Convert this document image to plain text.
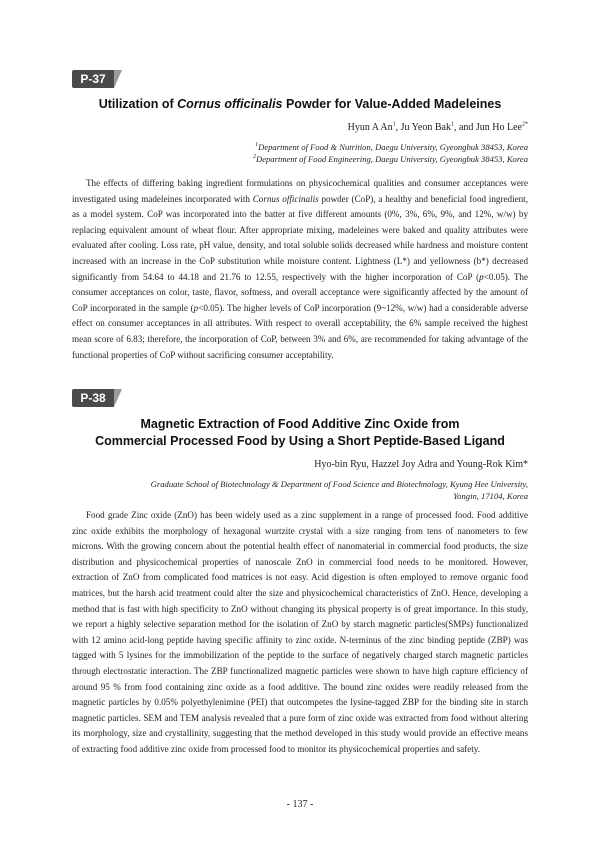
P-37
Utilization of Cornus officinalis Powder for Value-Added Madeleines
Hyun A An$^1$, Ju Yeon Bak$^1$, and Jun Ho Lee$^{2*}$
$^1$Department of Food & Nutrition, Daegu University, Gyeongbuk 38453, Korea
$^2$Department of Food Engineering, Daegu University, Gyeongbuk 38453, Korea

The effects of differing baking ingredient formulations on physicochemical qualities and consumer acceptances were investigated using madeleines incorporated with Cornus officinalis powder (CoP), a healthy and beneficial food ingredient, as a model system. CoP was incorporated into the batter at five different amounts (0%, 3%, 6%, 9%, and 12%, w/w) by replacing equivalent amount of wheat flour. After appropriate mixing, madeleines were baked and quality attributes were evaluated after cooling. Loss rate, pH value, density, and total soluble solids decreased while hardness and moisture content increased with an increase in the CoP substitution while moisture content. Lightness (L*) and yellowness (b*) decreased significantly from 54.64 to 44.18 and 21.76 to 12.55, respectively with the higher incorporation of CoP (p<0.05). The consumer acceptances on color, taste, flavor, softness, and overall acceptance were significantly affected by the amount of CoP incorporated in the sample (p<0.05). The higher levels of CoP incorporation (9~12%, w/w) had a considerable adverse effect on consumer acceptances in all attributes. With respect to overall acceptability, the 6% sample received the highest mean score of 6.83; therefore, the incorporation of CoP, between 3% and 6%, are recommended for taking advantage of the functional properties of CoP without sacrificing consumer acceptability.

P-38
Magnetic Extraction of Food Additive Zinc Oxide from
Commercial Processed Food by Using a Short Peptide-Based Ligand
Hyo-bin Ryu, Hazzel Joy Adra and Young-Rok Kim*
Graduate School of Biotechnology & Department of Food Science and Biotechnology, Kyung Hee University,
Yongin, 17104, Korea

Food grade Zinc oxide (ZnO) has been widely used as a zinc supplement in a range of processed food. Food additive zinc oxide exhibits the morphology of hexagonal wurtzite crystal with a size ranging from tens of nanometers to few microns. With the growing concern about the potential health effect of nanomaterial in commercial food products, the size distribution and physicochemical properties of nanoscale ZnO in commercial food needs to be monitored. However, extraction of ZnO from complicated food matrices is not easy. Acid digestion is often employed to remove organic food matrices, but the harsh acid treatment could alter the size and physicochemical characteristics of ZnO. Hence, developing a method that is fast with high specificity to ZnO without changing its physical property is of great importance. In this study, we report a highly selective separation method for the isolation of ZnO by starch magnetic particles(SMPs) functionalized with 12 amino acid-long peptide having specific affinity to zinc oxide. N-terminus of the zinc binding peptide (ZBP) was tagged with 5 lysines for the immobilization of the peptide to the surface of negatively charged starch magnetic particles through electrostatic interaction. The ZBP functionalized magnetic particles were shown to have high capture efficiency of around 95 % from food containing zinc oxide as a food additive. The bound zinc oxides were readily released from the magnetic particles by 0.05% polyethylenimine (PEI) that outcompetes the lysine-tagged ZBP for the binding site in starch magnetic particles. SEM and TEM analysis revealed that a pure form of zinc oxide was extracted from food without altering its morphology, size and crystallinity, suggesting that the method developed in this study would provide an effective means of extracting food additive zinc oxide from processed food to monitor its physicochemical properties and safety.

- 137 -
